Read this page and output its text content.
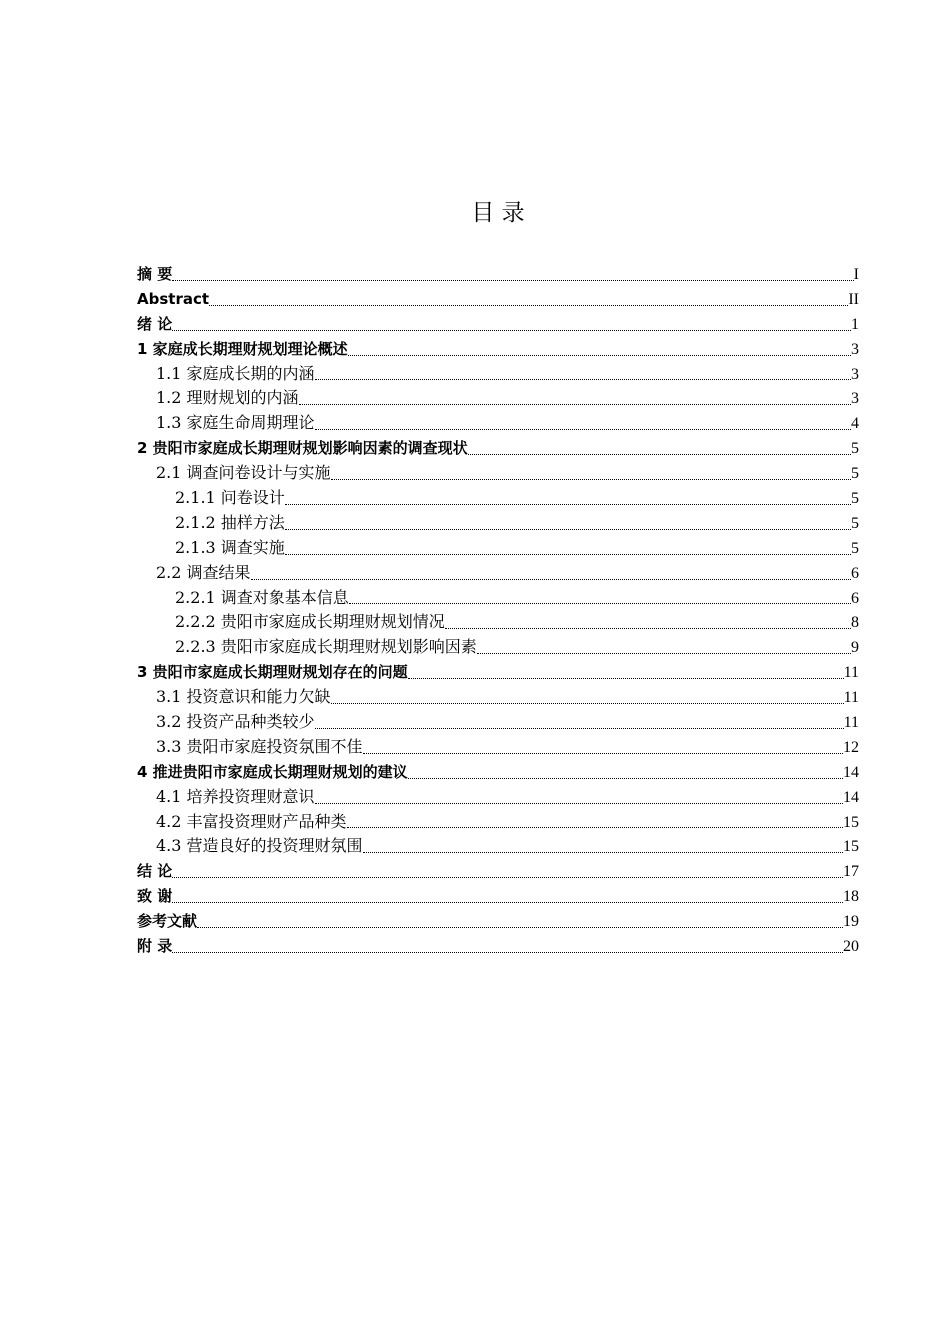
目 录
摘 要	I
Abstract	II
绪 论	1
1 家庭成长期理财规划理论概述	3
1.1 家庭成长期的内涵	3
1.2 理财规划的内涵	3
1.3 家庭生命周期理论	4
2 贵阳市家庭成长期理财规划影响因素的调查现状	5
2.1 调查问卷设计与实施	5
2.1.1 问卷设计	5
2.1.2 抽样方法	5
2.1.3 调查实施	5
2.2 调查结果	6
2.2.1 调查对象基本信息	6
2.2.2 贵阳市家庭成长期理财规划情况	8
2.2.3 贵阳市家庭成长期理财规划影响因素	9
3 贵阳市家庭成长期理财规划存在的问题	11
3.1 投资意识和能力欠缺	11
3.2 投资产品种类较少	11
3.3 贵阳市家庭投资氛围不佳	12
4 推进贵阳市家庭成长期理财规划的建议	14
4.1 培养投资理财意识	14
4.2 丰富投资理财产品种类	15
4.3 营造良好的投资理财氛围	15
结 论	17
致 谢	18
参考文献	19
附 录	20
